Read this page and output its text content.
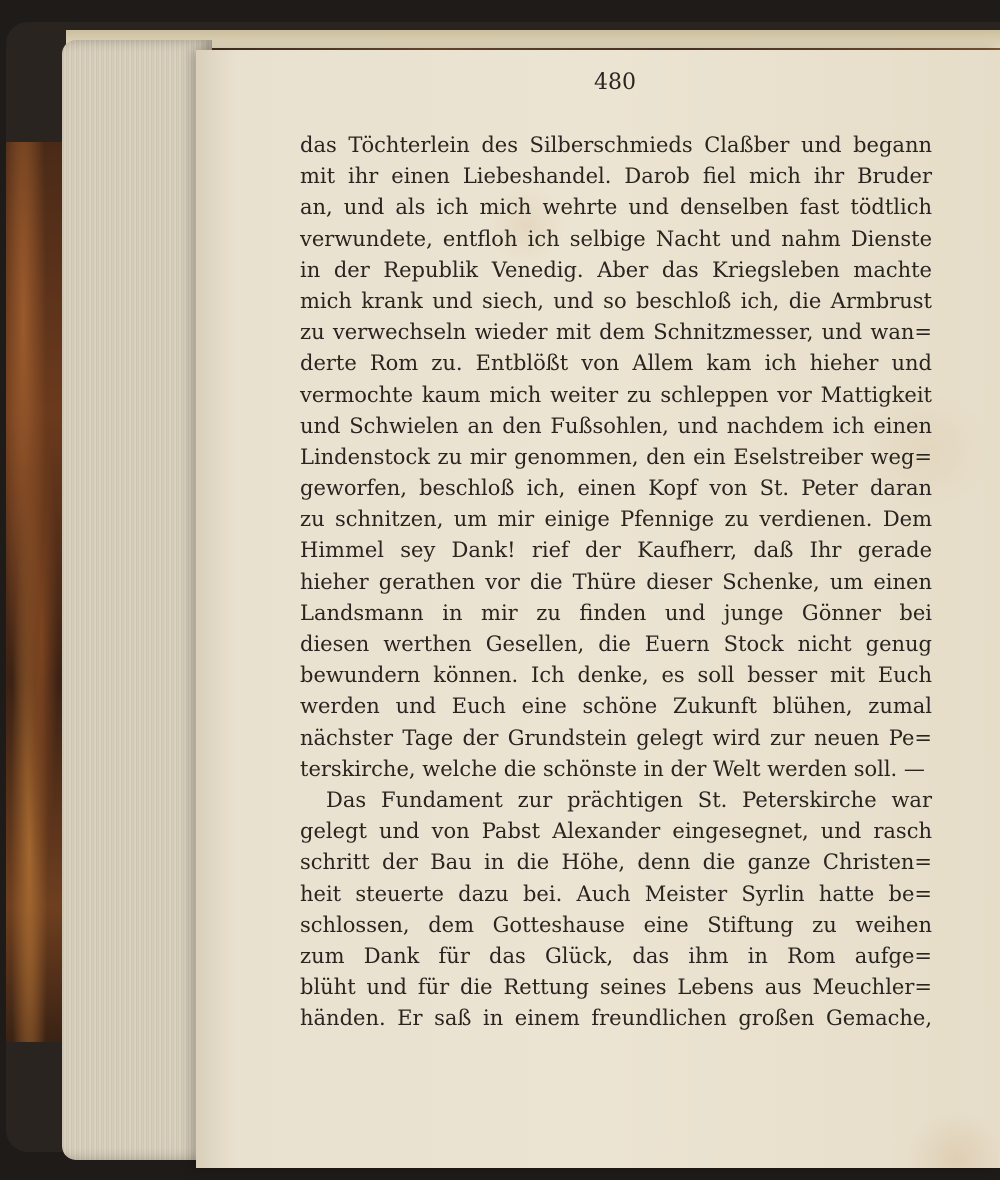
480
das Töchterlein des Silberschmieds Claßber und begann
mit ihr einen Liebeshandel. Darob fiel mich ihr Bruder
an, und als ich mich wehrte und denselben fast tödtlich
verwundete, entfloh ich selbige Nacht und nahm Dienste
in der Republik Venedig. Aber das Kriegsleben machte
mich krank und siech, und so beschloß ich, die Armbrust
zu verwechseln wieder mit dem Schnitzmesser, und wan=
derte Rom zu. Entblößt von Allem kam ich hieher und
vermochte kaum mich weiter zu schleppen vor Mattigkeit
und Schwielen an den Fußsohlen, und nachdem ich einen
Lindenstock zu mir genommen, den ein Eselstreiber weg=
geworfen, beschloß ich, einen Kopf von St. Peter daran
zu schnitzen, um mir einige Pfennige zu verdienen. Dem
Himmel sey Dank! rief der Kaufherr, daß Ihr gerade
hieher gerathen vor die Thüre dieser Schenke, um einen
Landsmann in mir zu finden und junge Gönner bei
diesen werthen Gesellen, die Euern Stock nicht genug
bewundern können. Ich denke, es soll besser mit Euch
werden und Euch eine schöne Zukunft blühen, zumal
nächster Tage der Grundstein gelegt wird zur neuen Pe=
terskirche, welche die schönste in der Welt werden soll. —
Das Fundament zur prächtigen St. Peterskirche war
gelegt und von Pabst Alexander eingesegnet, und rasch
schritt der Bau in die Höhe, denn die ganze Christen=
heit steuerte dazu bei. Auch Meister Syrlin hatte be=
schlossen, dem Gotteshause eine Stiftung zu weihen
zum Dank für das Glück, das ihm in Rom aufge=
blüht und für die Rettung seines Lebens aus Meuchler=
händen. Er saß in einem freundlichen großen Gemache,
